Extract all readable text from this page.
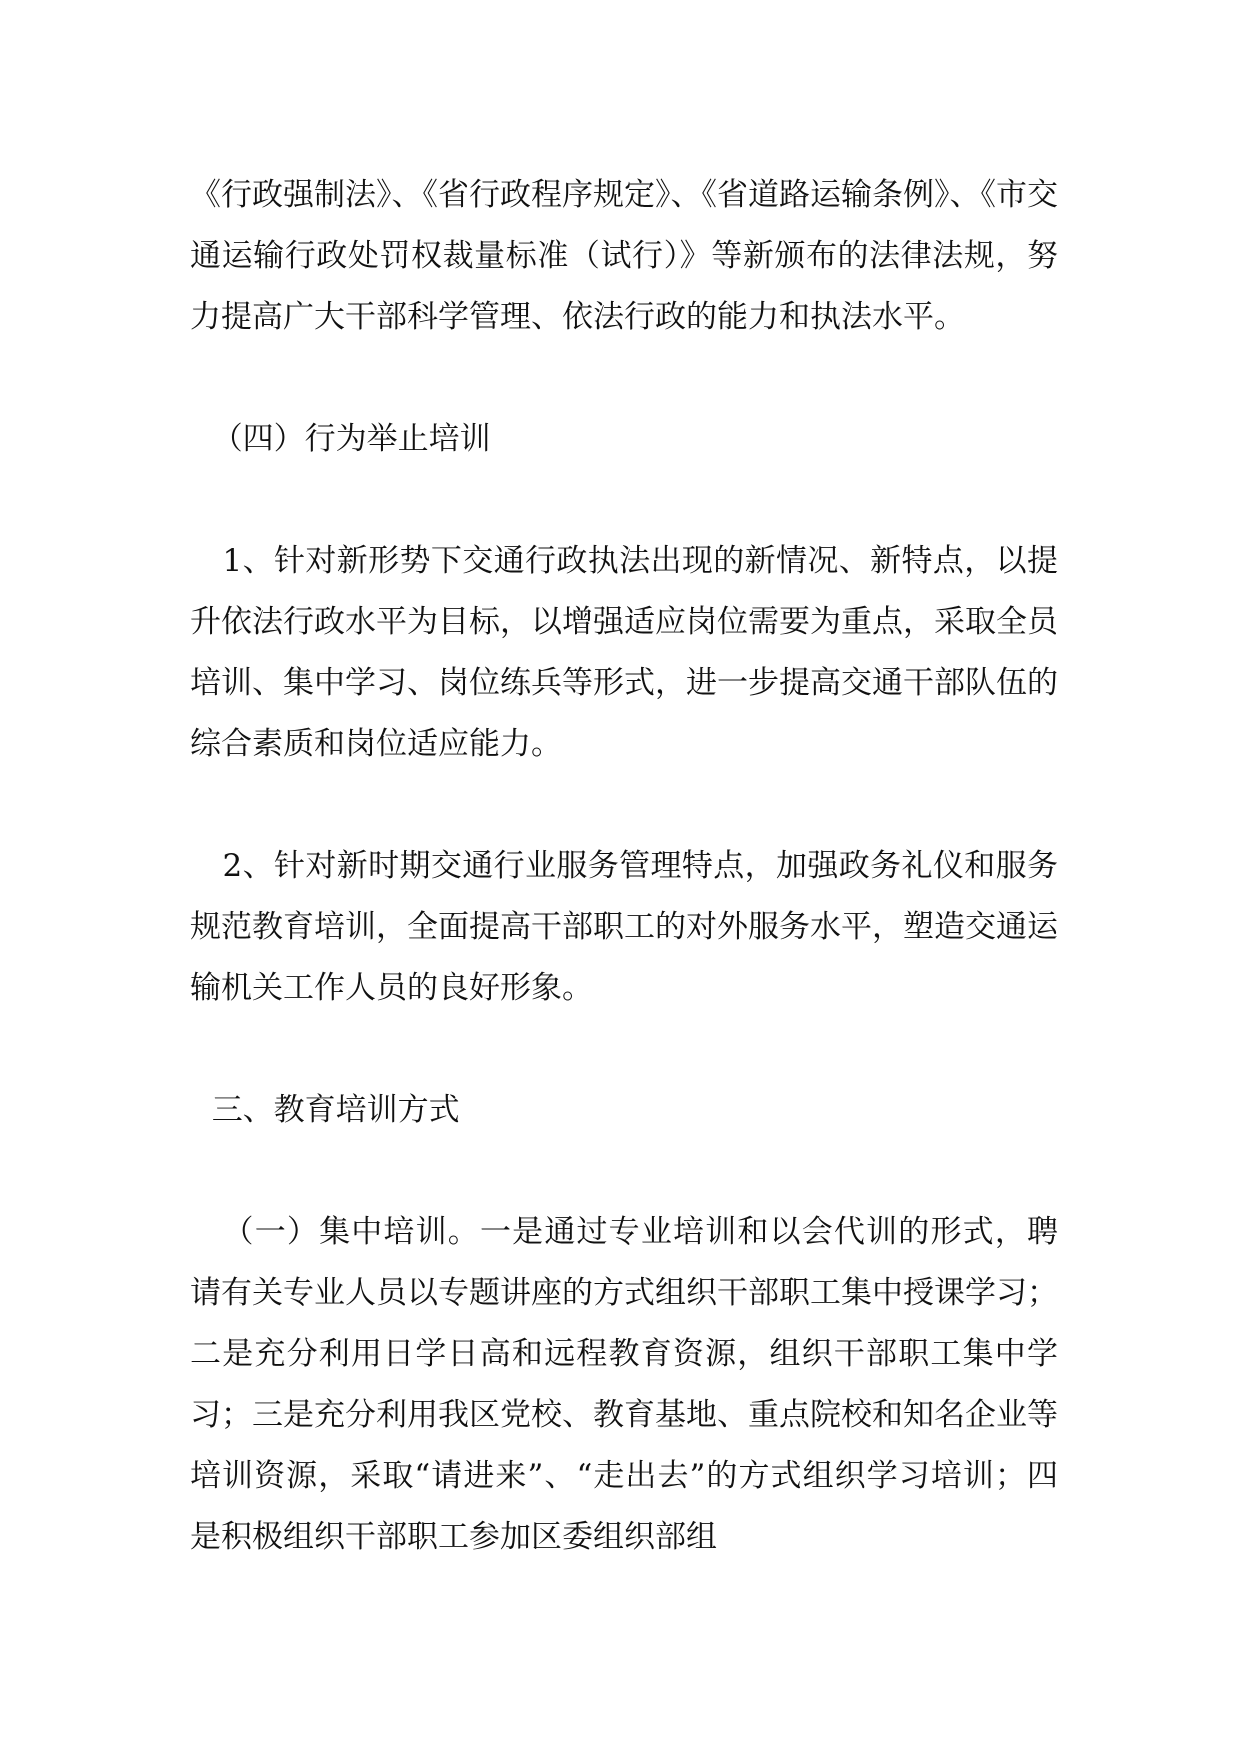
《行政强制法》、《省行政程序规定》、《省道路运输条例》、《市交通运输行政处罚权裁量标准（试行）》等新颁布的法律法规，努力提高广大干部科学管理、依法行政的能力和执法水平。

（四）行为举止培训

1、针对新形势下交通行政执法出现的新情况、新特点，以提升依法行政水平为目标，以增强适应岗位需要为重点，采取全员培训、集中学习、岗位练兵等形式，进一步提高交通干部队伍的综合素质和岗位适应能力。

2、针对新时期交通行业服务管理特点，加强政务礼仪和服务规范教育培训，全面提高干部职工的对外服务水平，塑造交通运输机关工作人员的良好形象。

三、教育培训方式

（一）集中培训。一是通过专业培训和以会代训的形式，聘请有关专业人员以专题讲座的方式组织干部职工集中授课学习；二是充分利用日学日高和远程教育资源，组织干部职工集中学习；三是充分利用我区党校、教育基地、重点院校和知名企业等培训资源，采取“请进来”、“走出去”的方式组织学习培训；四是积极组织干部职工参加区委组织部组
